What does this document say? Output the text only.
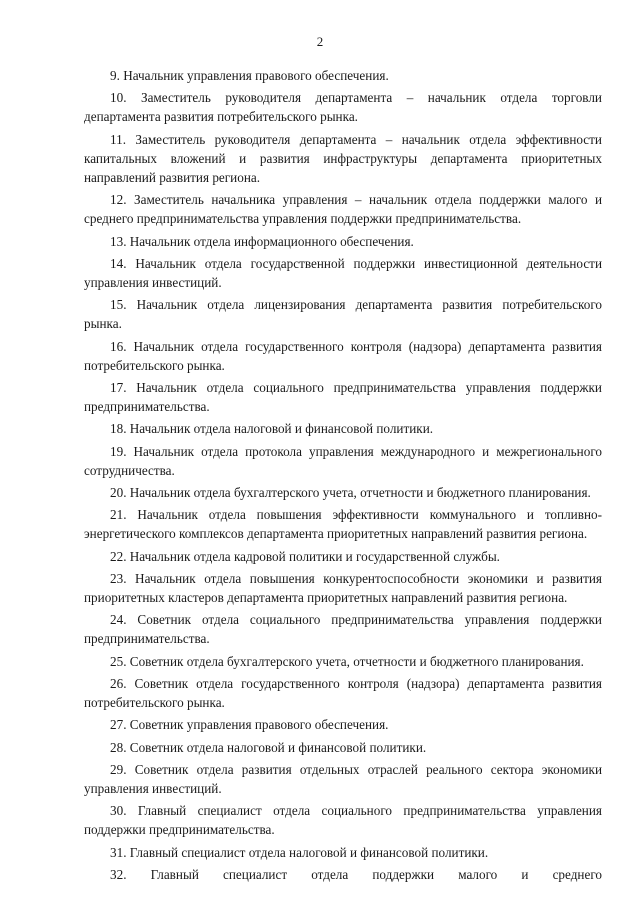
2

9. Начальник управления правового обеспечения.

10. Заместитель руководителя департамента – начальник отдела торговли департамента развития потребительского рынка.

11. Заместитель руководителя департамента – начальник отдела эффективности капитальных вложений и развития инфраструктуры департамента приоритетных направлений развития региона.

12. Заместитель начальника управления – начальник отдела поддержки малого и среднего предпринимательства управления поддержки предпринимательства.

13. Начальник отдела информационного обеспечения.

14. Начальник отдела государственной поддержки инвестиционной деятельности управления инвестиций.

15. Начальник отдела лицензирования департамента развития потребительского рынка.

16. Начальник отдела государственного контроля (надзора) департамента развития потребительского рынка.

17. Начальник отдела социального предпринимательства управления поддержки предпринимательства.

18. Начальник отдела налоговой и финансовой политики.

19. Начальник отдела протокола управления международного и межрегионального сотрудничества.

20. Начальник отдела бухгалтерского учета, отчетности и бюджетного планирования.

21. Начальник отдела повышения эффективности коммунального и топливно-энергетического комплексов департамента приоритетных направлений развития региона.

22. Начальник отдела кадровой политики и государственной службы.

23. Начальник отдела повышения конкурентоспособности экономики и развития приоритетных кластеров департамента приоритетных направлений развития региона.

24. Советник отдела социального предпринимательства управления поддержки предпринимательства.

25. Советник отдела бухгалтерского учета, отчетности и бюджетного планирования.

26. Советник отдела государственного контроля (надзора) департамента развития потребительского рынка.

27. Советник управления правового обеспечения.

28. Советник отдела налоговой и финансовой политики.

29. Советник отдела развития отдельных отраслей реального сектора экономики управления инвестиций.

30. Главный специалист отдела социального предпринимательства управления поддержки предпринимательства.

31. Главный специалист отдела налоговой и финансовой политики.

32. Главный специалист отдела поддержки малого и среднего
